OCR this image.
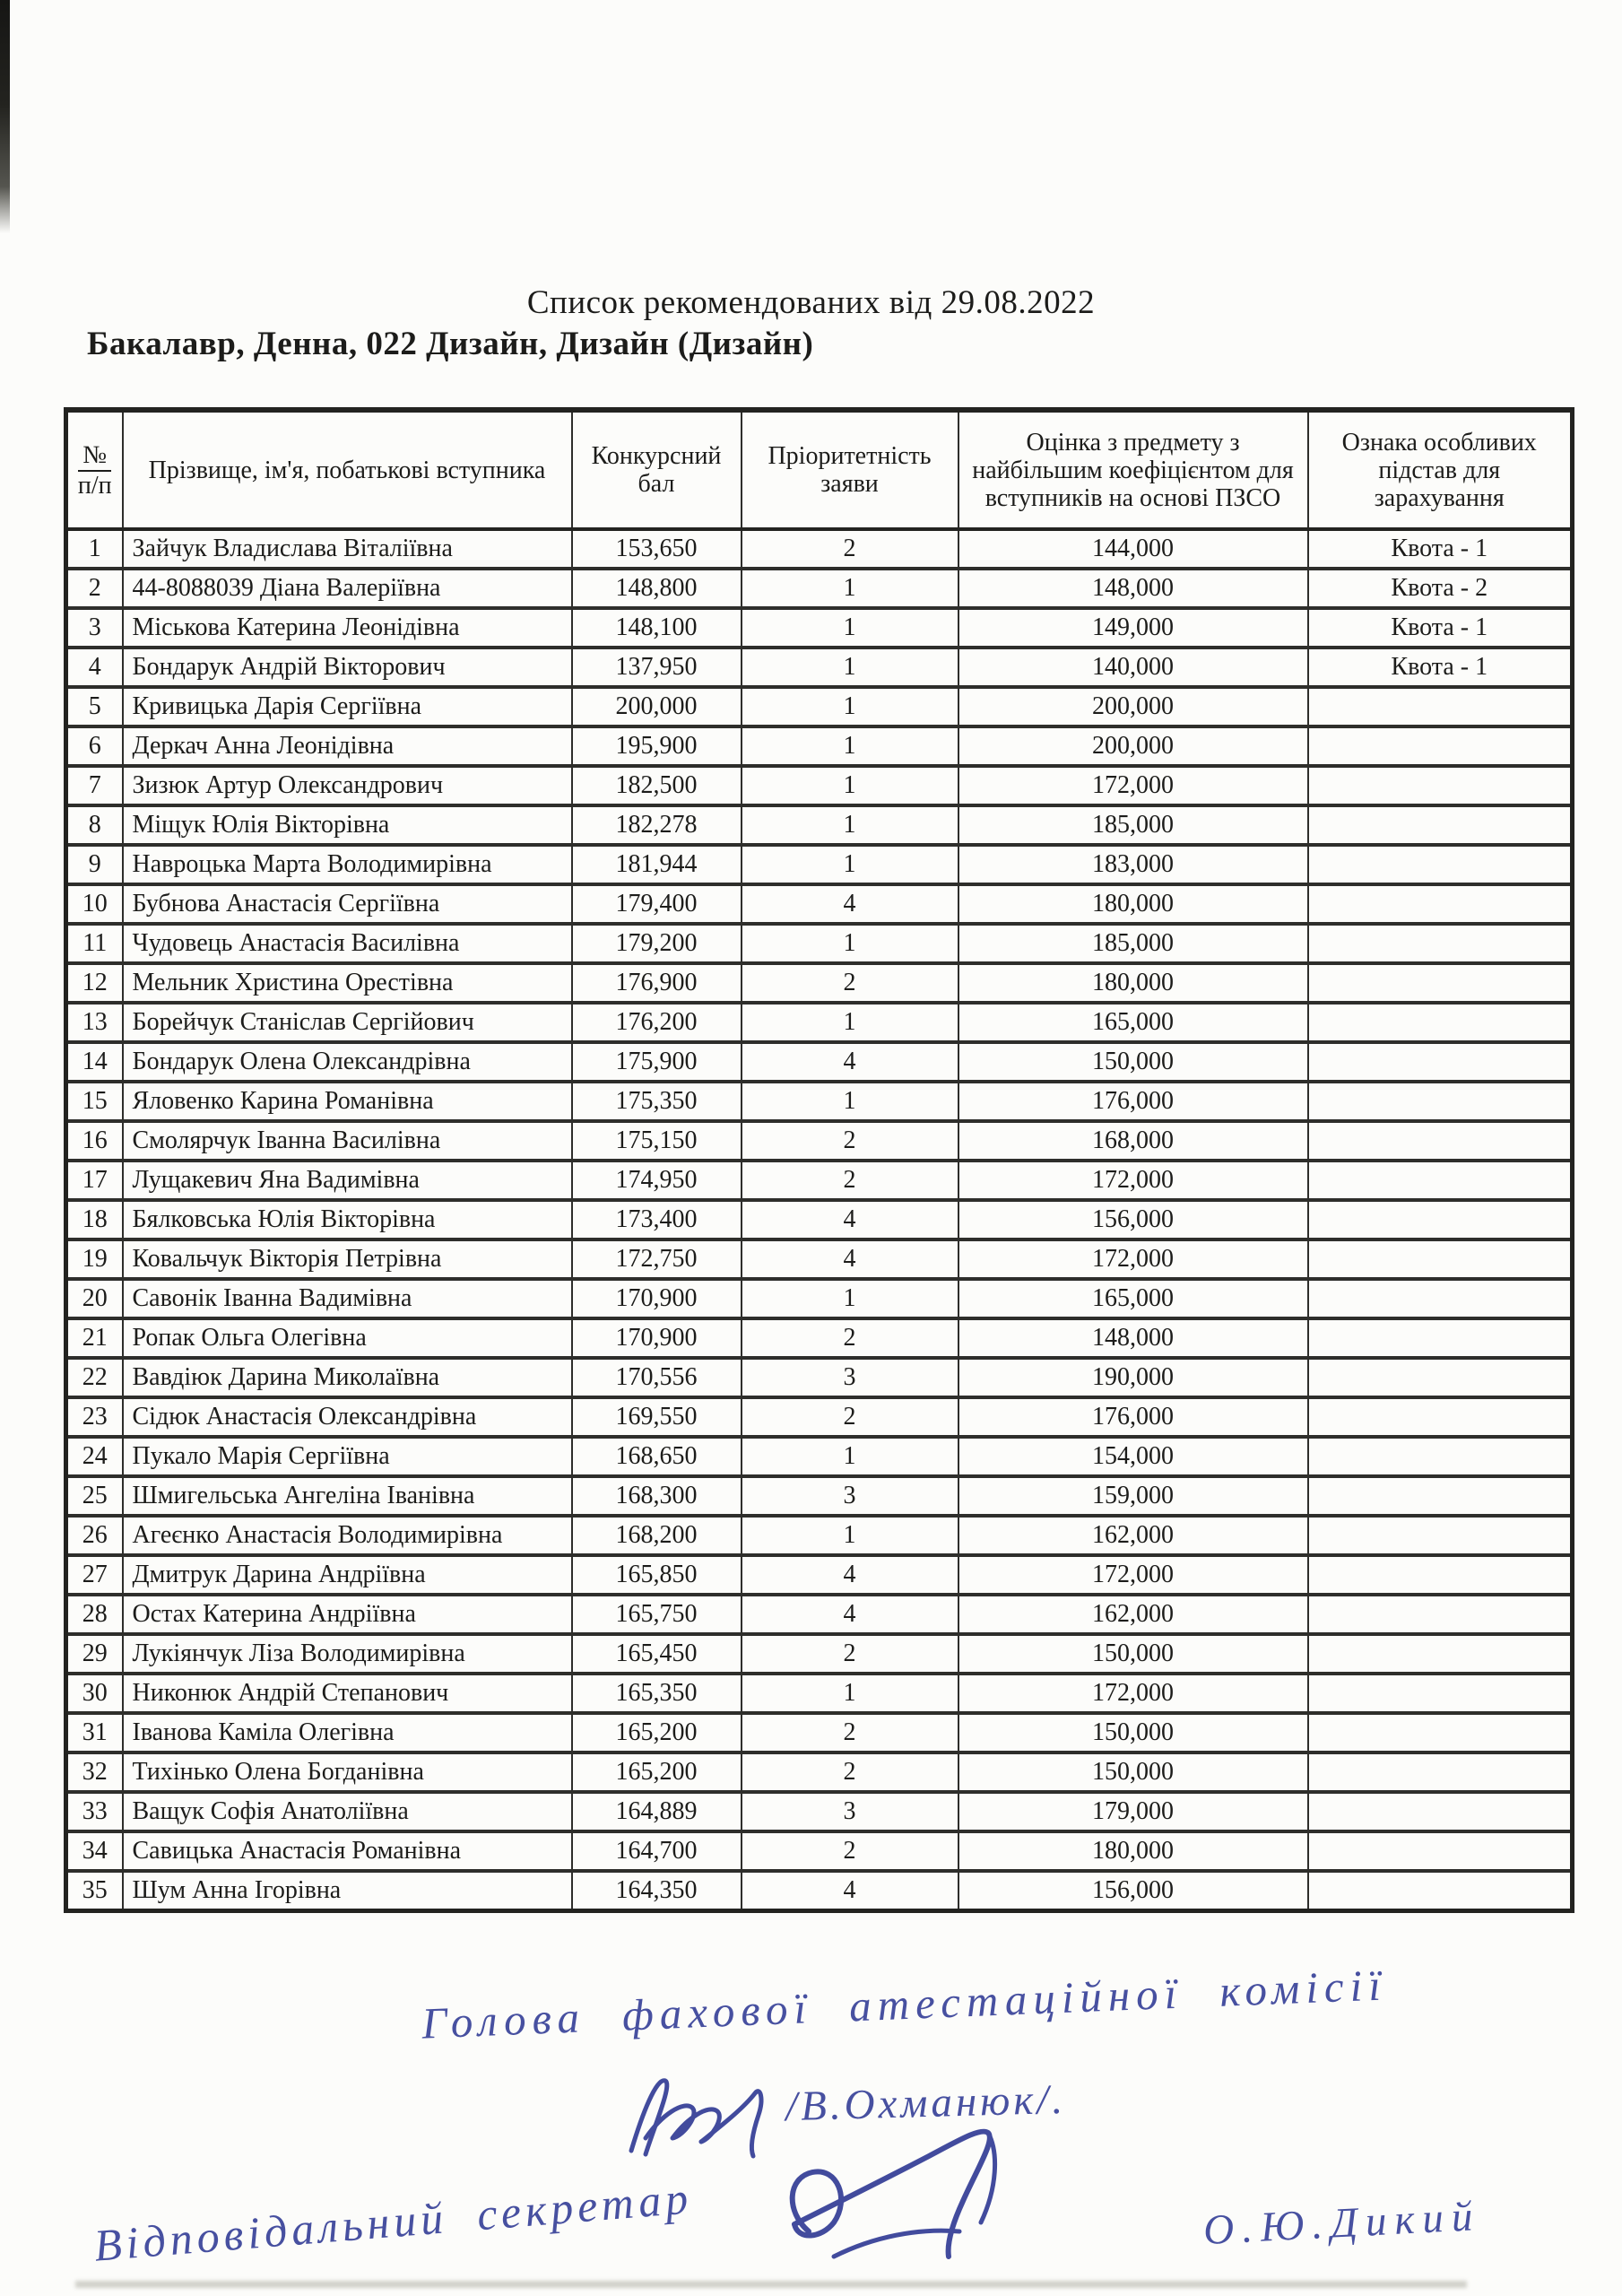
Список рекомендованих від 29.08.2022
Бакалавр, Денна, 022 Дизайн, Дизайн (Дизайн)
№
п/п	Прізвище, ім'я, побатькові вступника	Конкурсний бал	Пріоритетність заяви	Оцінка з предмету з найбільшим коефіцієнтом для вступників на основі ПЗСО	Ознака особливих підстав для зарахування
1	Зайчук Владислава Віталіївна	153,650	2	144,000	Квота - 1
2	44-8088039 Діана Валеріївна	148,800	1	148,000	Квота - 2
3	Міськова Катерина Леонідівна	148,100	1	149,000	Квота - 1
4	Бондарук Андрій Вікторович	137,950	1	140,000	Квота - 1
5	Кривицька Дарія Сергіївна	200,000	1	200,000	
6	Деркач Анна Леонідівна	195,900	1	200,000	
7	Зизюк Артур Олександрович	182,500	1	172,000	
8	Міщук Юлія Вікторівна	182,278	1	185,000	
9	Навроцька Марта Володимирівна	181,944	1	183,000	
10	Бубнова Анастасія Сергіївна	179,400	4	180,000	
11	Чудовець Анастасія Василівна	179,200	1	185,000	
12	Мельник Христина Орестівна	176,900	2	180,000	
13	Борейчук Станіслав Сергійович	176,200	1	165,000	
14	Бондарук Олена Олександрівна	175,900	4	150,000	
15	Яловенко Карина Романівна	175,350	1	176,000	
16	Смолярчук Іванна Василівна	175,150	2	168,000	
17	Лущакевич Яна Вадимівна	174,950	2	172,000	
18	Бялковська Юлія Вікторівна	173,400	4	156,000	
19	Ковальчук Вікторія Петрівна	172,750	4	172,000	
20	Савонік Іванна Вадимівна	170,900	1	165,000	
21	Ропак Ольга Олегівна	170,900	2	148,000	
22	Вавдіюк Дарина Миколаївна	170,556	3	190,000	
23	Сідюк Анастасія Олександрівна	169,550	2	176,000	
24	Пукало Марія Сергіївна	168,650	1	154,000	
25	Шмигельська Ангеліна Іванівна	168,300	3	159,000	
26	Агеєнко Анастасія Володимирівна	168,200	1	162,000	
27	Дмитрук Дарина Андріївна	165,850	4	172,000	
28	Остах Катерина Андріївна	165,750	4	162,000	
29	Лукіянчук Ліза Володимирівна	165,450	2	150,000	
30	Никонюк Андрій Степанович	165,350	1	172,000	
31	Іванова Каміла Олегівна	165,200	2	150,000	
32	Тихінько Олена Богданівна	165,200	2	150,000	
33	Ващук Софія Анатоліївна	164,889	3	179,000	
34	Савицька Анастасія Романівна	164,700	2	180,000	
35	Шум Анна Ігорівна	164,350	4	156,000	
Голова фахової атестаційної комісії
/В.Охманюк/.
Відповідальний секретар	О.Ю.Дикий
